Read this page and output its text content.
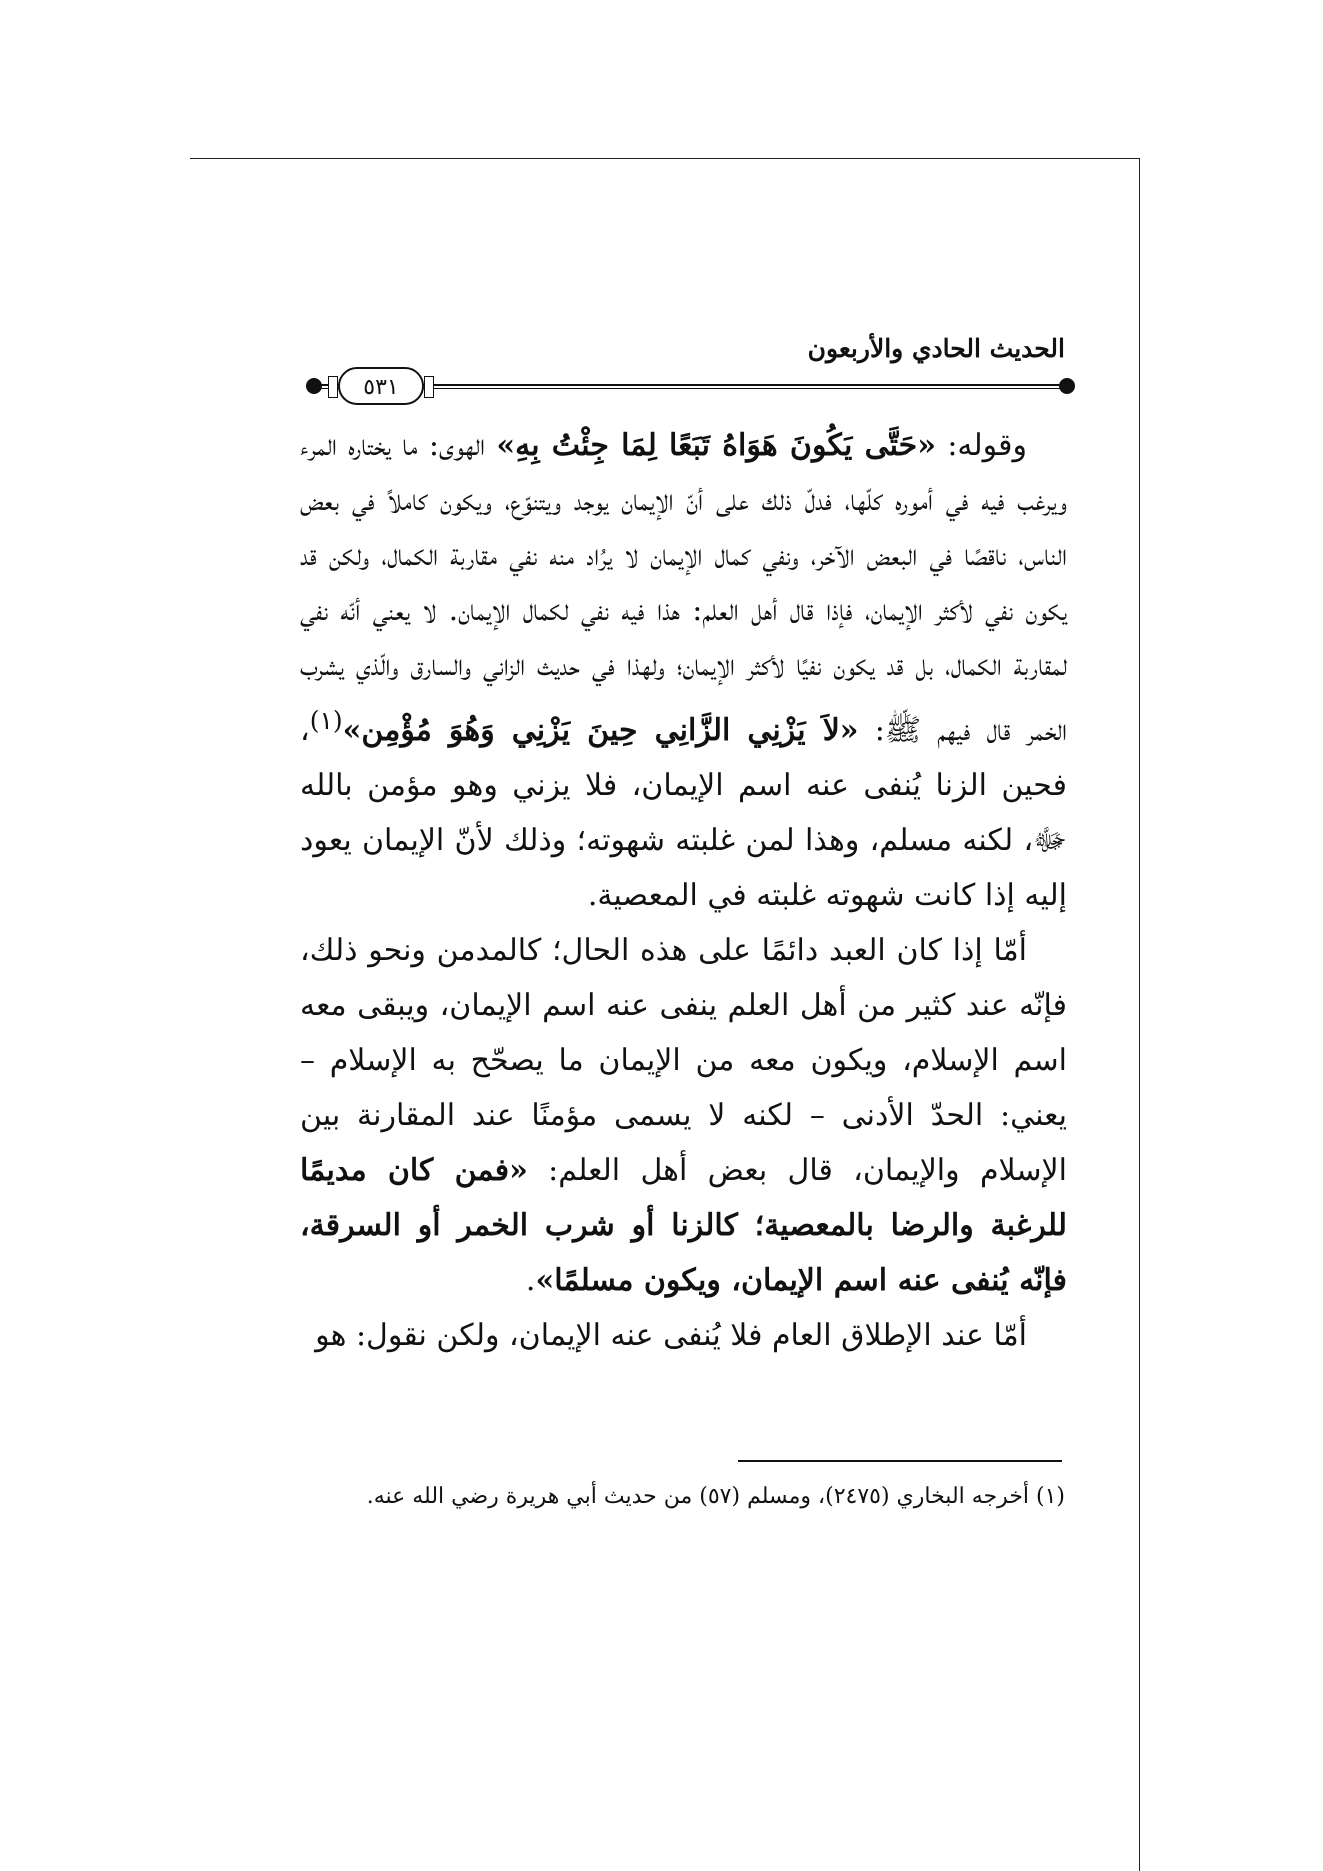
الحديث الحادي والأربعون
٥٣١

وقوله: «حَتَّى يَكُونَ هَوَاهُ تَبَعًا لِمَا جِئْتُ بِهِ» الهوى: ما يختاره المرء ويرغب فيه في أموره كلّها، فدلّ ذلك على أنّ الإيمان يوجد ويتنوّع، ويكون كاملاً في بعض الناس، ناقصًا في البعض الآخر، ونفي كمال الإيمان لا يرُاد منه نفي مقاربة الكمال، ولكن قد يكون نفي لأكثر الإيمان، فإذا قال أهل العلم: هذا فيه نفي لكمال الإيمان. لا يعني أنّه نفي لمقاربة الكمال، بل قد يكون نفيًا لأكثر الإيمان؛ ولهذا في حديث الزاني والسارق والّذي يشرب الخمر قال فيهم ﷺ: «لاَ يَزْنِي الزَّانِي حِينَ يَزْنِي وَهُوَ مُؤْمِن»$^{(١)}$، فحين الزنا يُنفى عنه اسم الإيمان، فلا يزني وهو مؤمن بالله ﷻ، لكنه مسلم، وهذا لمن غلبته شهوته؛ وذلك لأنّ الإيمان يعود إليه إذا كانت شهوته غلبته في المعصية.

أمّا إذا كان العبد دائمًا على هذه الحال؛ كالمدمن ونحو ذلك، فإنّه عند كثير من أهل العلم ينفى عنه اسم الإيمان، ويبقى معه اسم الإسلام، ويكون معه من الإيمان ما يصحّح به الإسلام – يعني: الحدّ الأدنى – لكنه لا يسمى مؤمنًا عند المقارنة بين الإسلام والإيمان، قال بعض أهل العلم: «فمن كان مديمًا للرغبة والرضا بالمعصية؛ كالزنا أو شرب الخمر أو السرقة، فإنّه يُنفى عنه اسم الإيمان، ويكون مسلمًا».

أمّا عند الإطلاق العام فلا يُنفى عنه الإيمان، ولكن نقول: هو

(١) أخرجه البخاري (٢٤٧٥)، ومسلم (٥٧) من حديث أبي هريرة رضي الله عنه.
